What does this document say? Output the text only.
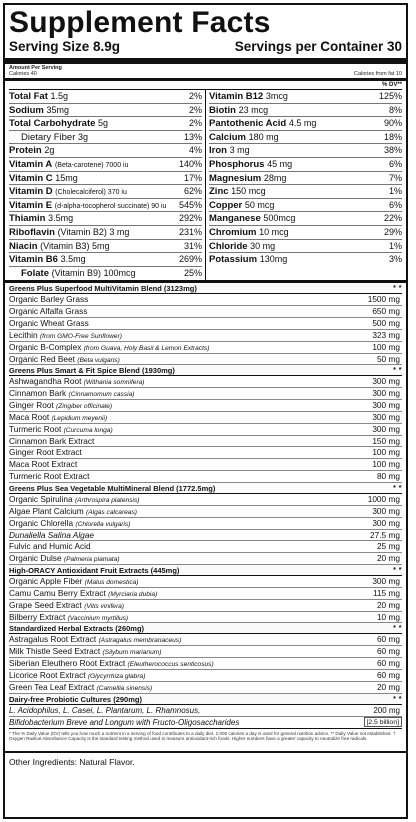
Supplement Facts
Serving Size 8.9g	Servings per Container 30
Amount Per Serving
Calories 40	Calories from fat 10
% DV**
Total Fat 1.5g	2%
Sodium 35mg	2%
Total Carbohydrate 5g	2%
Dietary Fiber 3g	13%
Protein 2g	4%
Vitamin A (Beta-carotene) 7000 iu	140%
Vitamin C 15mg	17%
Vitamin D (Cholecalciferol) 370 iu	62%
Vitamin E (d-alpha-tocopherol succinate) 90 iu 545%
Thiamin 3.5mg	292%
Riboflavin (Vitamin B2) 3 mg	231%
Niacin (Vitamin B3) 5mg	31%
Vitamin B6 3.5mg	269%
Folate (Vitamin B9) 100mcg	25%
Vitamin B12 3mcg	125%
Biotin 23 mcg	8%
Pantothenic Acid 4.5 mg	90%
Calcium 180 mg	18%
Iron 3 mg	38%
Phosphorus 45 mg	6%
Magnesium 28mg	7%
Zinc 150 mcg	1%
Copper 50 mcg	6%
Manganese 500mcg	22%
Chromium 10 mcg	29%
Chloride 30 mg	1%
Potassium 130mg	3%
Greens Plus Superfood MultiVitamin Blend (3123mg)	* *
Organic Barley Grass	1500 mg
Organic Alfalfa Grass	650 mg
Organic Wheat Grass	500 mg
Lecithin (from GMO-Free Sunflower)	323 mg
Organic B-Complex (from Guava, Holy Basil & Lemon Extracts)	100 mg
Organic Red Beet (Beta vulgaris)	50 mg
Greens Plus Smart & Fit Spice Blend (1930mg)	* *
Ashwagandha Root (Withania somnifera)	300 mg
Cinnamon Bark (Cinnamomum cassia)	300 mg
Ginger Root (Zingiber officinale)	300 mg
Maca Root (Lepidium meyenii)	300 mg
Turmeric Root (Curcuma longa)	300 mg
Cinnamon Bark Extract	150 mg
Ginger Root Extract	100 mg
Maca Root Extract	100 mg
Turmeric Root Extract	80 mg
Greens Plus Sea Vegetable MultiMineral Blend (1772.5mg)	* *
Organic Spirulina (Arthrospira platensis)	1000 mg
Algae Plant Calcium (Algas calcareas)	300 mg
Organic Chlorella (Chlorella vulgaris)	300 mg
Dunaliella Salina Algae	27.5 mg
Fulvic and Humic Acid	25 mg
Organic Dulse (Palmeria plamata)	20 mg
High-ORACY Antioxidant Fruit Extracts (445mg)	* *
Organic Apple Fiber (Malus domestica)	300 mg
Camu Camu Berry Extract (Myrciaria dubia)	115 mg
Grape Seed Extract (Vitis vinifera)	20 mg
Bilberry Extract (Vaccinium myrtillus)	10 mg
Standardized Herbal Extracts (260mg)	* *
Astragalus Root Extract (Astragalus membranaceus)	60 mg
Milk Thistle Seed Extract (Silybum marianum)	60 mg
Siberian Eleuthero Root Extract (Eleutherococcus senticosus)	60 mg
Licorice Root Extract (Glycyrrhiza glabra)	60 mg
Green Tea Leaf Extract (Camellia sinensis)	20 mg
Dairy-free Probiotic Cultures (290mg)	* *
L. Acidophilus, L. Casei, L. Plantarum, L. Rhamnosus,	200 mg
Bifidobacterium Breve and Longum with Fructo-Oligosaccharides	[2.5 billion]
* The % Daily Value (DV) tells you how much a nutrient in a serving of food contributes to a daily diet. 2,000 calories a day is used for general nutrition advice. ** Daily Value not established. † Oxygen Radical Absorbance Capacity is the standard testing method used to measure antioxidant-rich foods. Higher numbers have a greater capacity to neutralize free radicals.
Other Ingredients: Natural Flavor.
